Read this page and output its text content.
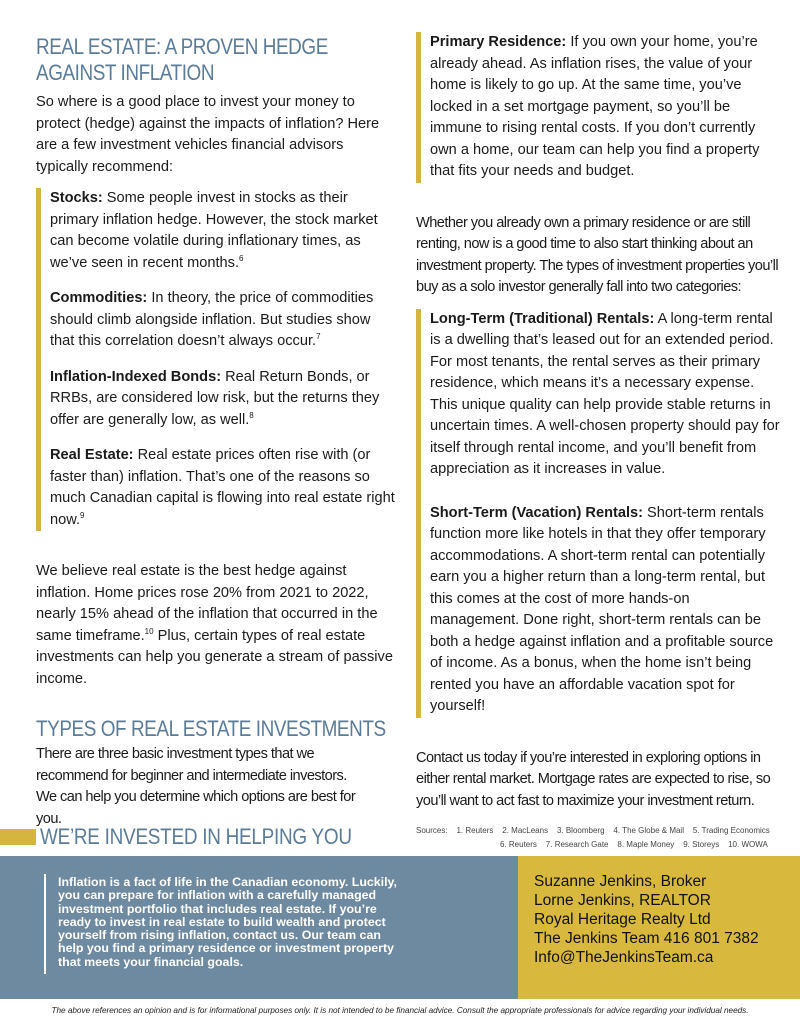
REAL ESTATE: A PROVEN HEDGE
AGAINST INFLATION

So where is a good place to invest your money to protect (hedge) against the impacts of inflation? Here are a few investment vehicles financial advisors typically recommend:

Stocks: Some people invest in stocks as their primary inflation hedge. However, the stock market can become volatile during inflationary times, as we’ve seen in recent months.$^6$

Commodities: In theory, the price of commodities should climb alongside inflation. But studies show that this correlation doesn’t always occur.$^7$

Inflation-Indexed Bonds: Real Return Bonds, or RRBs, are considered low risk, but the returns they offer are generally low, as well.$^8$

Real Estate: Real estate prices often rise with (or faster than) inflation. That’s one of the reasons so much Canadian capital is flowing into real estate right now.$^9$

We believe real estate is the best hedge against inflation. Home prices rose 20% from 2021 to 2022, nearly 15% ahead of the inflation that occurred in the same timeframe.$^{10}$ Plus, certain types of real estate investments can help you generate a stream of passive income.

TYPES OF REAL ESTATE INVESTMENTS

There are three basic investment types that we recommend for beginner and intermediate investors. We can help you determine which options are best for you.

Primary Residence: If you own your home, you’re already ahead. As inflation rises, the value of your home is likely to go up. At the same time, you’ve locked in a set mortgage payment, so you’ll be immune to rising rental costs. If you don’t currently own a home, our team can help you find a property that fits your needs and budget.

Whether you already own a primary residence or are still renting, now is a good time to also start thinking about an investment property. The types of investment properties you’ll buy as a solo investor generally fall into two categories:

Long-Term (Traditional) Rentals: A long-term rental is a dwelling that’s leased out for an extended period. For most tenants, the rental serves as their primary residence, which means it’s a necessary expense. This unique quality can help provide stable returns in uncertain times. A well-chosen property should pay for itself through rental income, and you’ll benefit from appreciation as it increases in value.

Short-Term (Vacation) Rentals: Short-term rentals function more like hotels in that they offer temporary accommodations. A short-term rental can potentially earn you a higher return than a long-term rental, but this comes at the cost of more hands-on management. Done right, short-term rentals can be both a hedge against inflation and a profitable source of income. As a bonus, when the home isn’t being rented you have an affordable vacation spot for yourself!

Contact us today if you’re interested in exploring options in either rental market. Mortgage rates are expected to rise, so you’ll want to act fast to maximize your investment return.

Sources:    1. Reuters    2. MacLeans    3. Bloomberg    4. The Globe & Mail    5. Trading Economics
6. Reuters    7. Research Gate    8. Maple Money    9. Storeys    10. WOWA
WE’RE INVESTED IN HELPING YOU
Inflation is a fact of life in the Canadian economy. Luckily, you can prepare for inflation with a carefully managed investment portfolio that includes real estate. If you’re ready to invest in real estate to build wealth and protect yourself from rising inflation, contact us. Our team can help you find a primary residence or investment property that meets your financial goals.
Suzanne Jenkins, Broker
Lorne Jenkins, REALTOR
Royal Heritage Realty Ltd
The Jenkins Team 416 801 7382
Info@TheJenkinsTeam.ca
The above references an opinion and is for informational purposes only. It is not intended to be financial advice. Consult the appropriate professionals for advice regarding your individual needs.
